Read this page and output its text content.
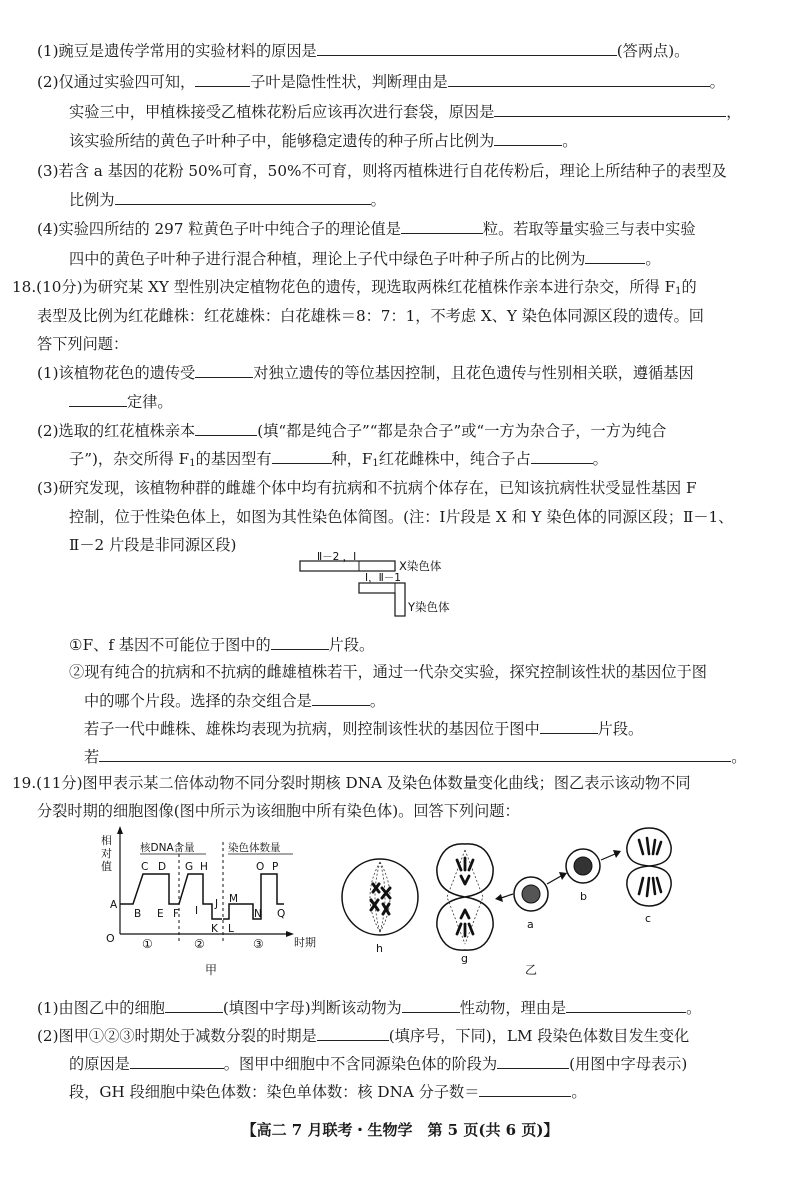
(1)豌豆是遗传学常用的实验材料的原因是	(答两点)。
(2)仅通过实验四可知，	子叶是隐性性状，判断理由是	。
实验三中，甲植株接受乙植株花粉后应该再次进行套袋，原因是	，
该实验所结的黄色子叶种子中，能够稳定遗传的种子所占比例为	。
(3)若含 a 基因的花粉 50%可育，50%不可育，则将丙植株进行自花传粉后，理论上所结种子的表型及
比例为	。
(4)实验四所结的 297 粒黄色子叶中纯合子的理论值是	粒。若取等量实验三与表中实验
四中的黄色子叶种子进行混合种植，理论上子代中绿色子叶种子所占的比例为	。
18.(10分)为研究某 XY 型性别决定植物花色的遗传，现选取两株红花植株作亲本进行杂交，所得 $F_1$的
表型及比例为红花雌株：红花雄株：白花雄株＝8：7：1，不考虑 X、Y 染色体同源区段的遗传。回
答下列问题：
(1)该植物花色的遗传受	对独立遗传的等位基因控制，且花色遗传与性别相关联，遵循基因
定律。
(2)选取的红花植株亲本	(填“都是纯合子”“都是杂合子”或“一方为杂合子，一方为纯合
子”)，杂交所得 $F_1$的基因型有	种，$F_1$红花雌株中，纯合子占	。
(3)研究发现，该植物种群的雌雄个体中均有抗病和不抗病个体存在，已知该抗病性状受显性基因 F
控制，位于性染色体上，如图为其性染色体简图。(注：Ⅰ片段是 X 和 Y 染色体的同源区段；Ⅱ－1、
Ⅱ－2 片段是非同源区段)
Ⅱ－2 ，Ⅰ
X染色体
Ⅰ，Ⅱ－1
Y染色体
①F、f 基因不可能位于图中的	片段。
②现有纯合的抗病和不抗病的雌雄植株若干，通过一代杂交实验，探究控制该性状的基因位于图
中的哪个片段。选择的杂交组合是	。
若子一代中雌株、雄株均表现为抗病，则控制该性状的基因位于图中	片段。
若	。
19.(11分)图甲表示某二倍体动物不同分裂时期核 DNA 及染色体数量变化曲线；图乙表示该动物不同
分裂时期的细胞图像(图中所示为该细胞中所有染色体)。回答下列问题：
相
对
值
O	时期
核DNA含量	染色体数量
A
B
C D
E F
G H
I
J
K L
M
N
O P
Q
①	②	③
甲
h
g
a
b
c
乙
(1)由图乙中的细胞	(填图中字母)判断该动物为	性动物，理由是	。
(2)图甲①②③时期处于减数分裂的时期是	(填序号，下同)，LM 段染色体数目发生变化
的原因是	。图甲中细胞中不含同源染色体的阶段为	(用图中字母表示)
段，GH 段细胞中染色体数：染色单体数：核 DNA 分子数＝	。
【高二 7 月联考・生物学　第 5 页(共 6 页)】
